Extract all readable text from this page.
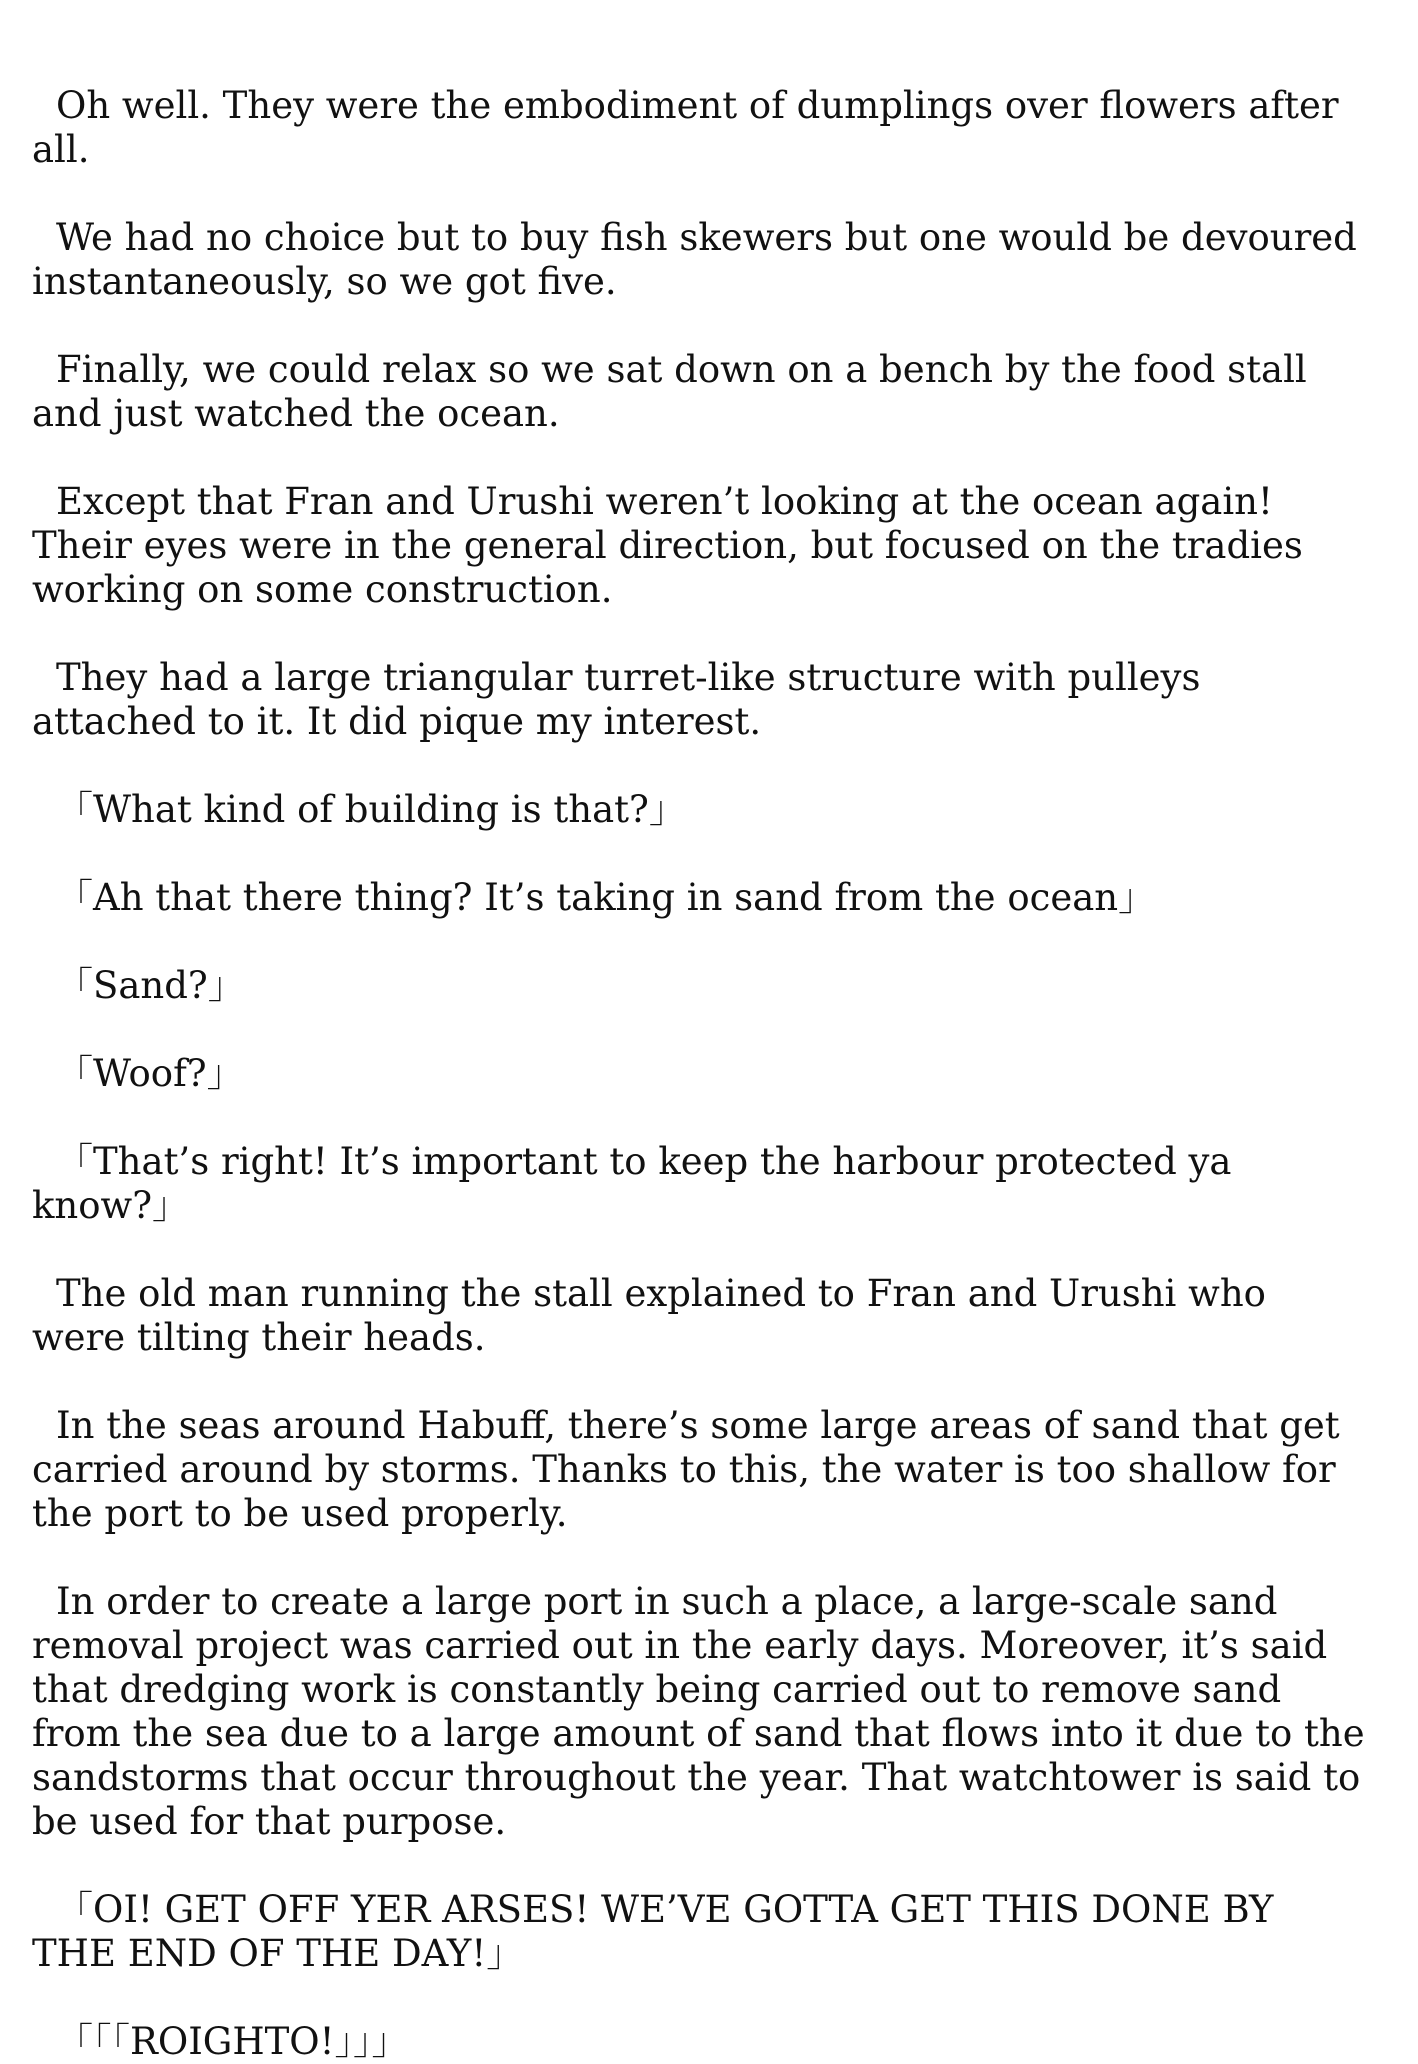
Oh well. They were the embodiment of dumplings over flowers after all.

We had no choice but to buy fish skewers but one would be devoured instantaneously, so we got five.

Finally, we could relax so we sat down on a bench by the food stall and just watched the ocean.

Except that Fran and Urushi weren’t looking at the ocean again! Their eyes were in the general direction, but focused on the tradies working on some construction.

They had a large triangular turret-like structure with pulleys attached to it. It did pique my interest.

「What kind of building is that?」

「Ah that there thing? It’s taking in sand from the ocean」

「Sand?」

「Woof?」

「That’s right! It’s important to keep the harbour protected ya know?」

The old man running the stall explained to Fran and Urushi who were tilting their heads.

In the seas around Habuff, there’s some large areas of sand that get carried around by storms. Thanks to this, the water is too shallow for the port to be used properly.

In order to create a large port in such a place, a large-scale sand removal project was carried out in the early days. Moreover, it’s said that dredging work is constantly being carried out to remove sand from the sea due to a large amount of sand that flows into it due to the sandstorms that occur throughout the year. That watchtower is said to be used for that purpose.

「OI! GET OFF YER ARSES! WE’VE GOTTA GET THIS DONE BY THE END OF THE DAY!」

「「「ROIGHTO!」」」
